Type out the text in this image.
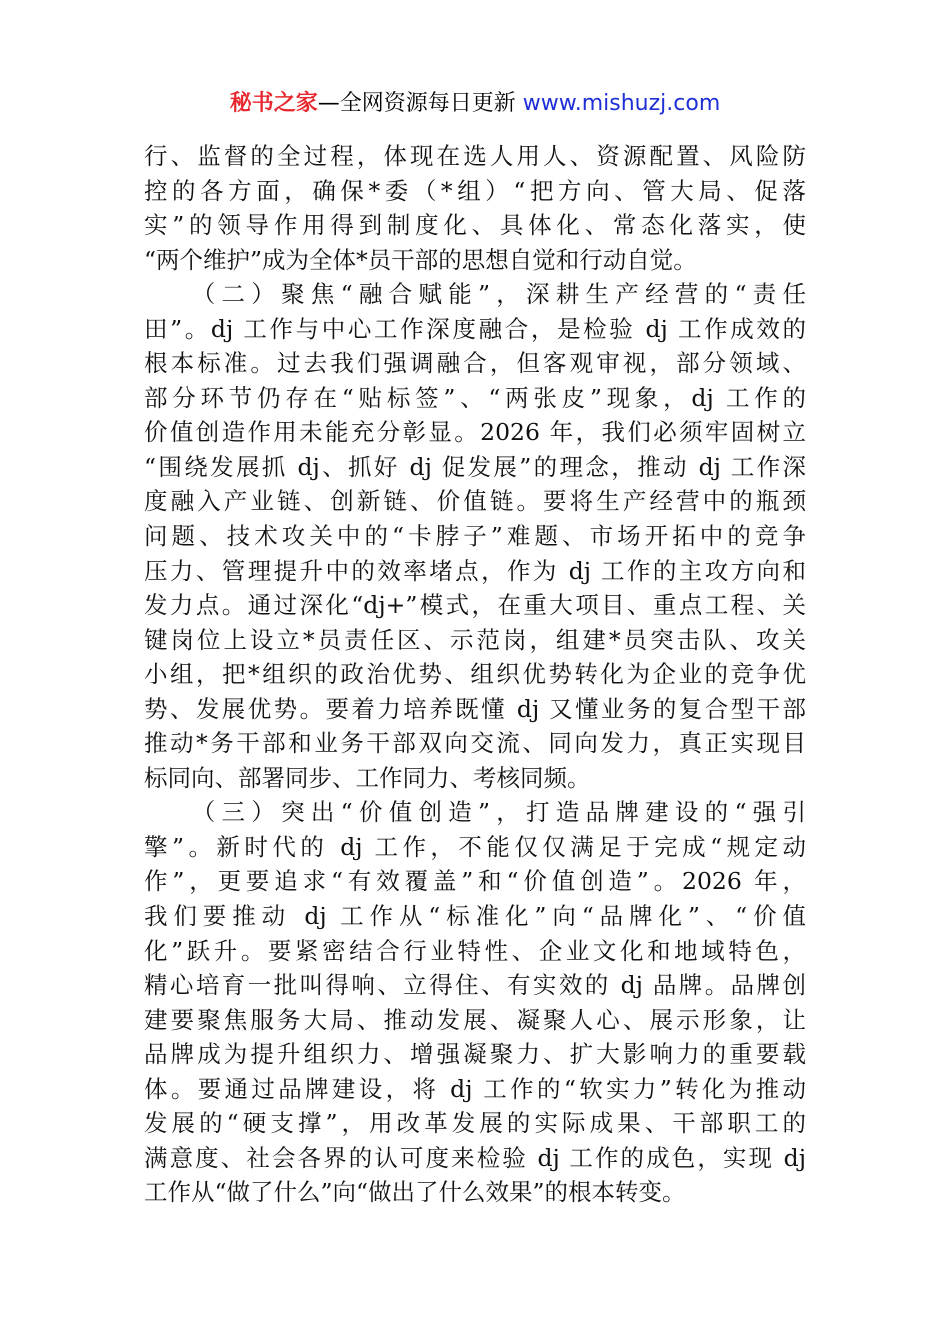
秘书之家—全网资源每日更新 www.mishuzj.com
行、监督的全过程，体现在选人用人、资源配置、风险防
控的各方面，确保*委（*组）“把方向、管大局、促落
实”的领导作用得到制度化、具体化、常态化落实，使
“两个维护”成为全体*员干部的思想自觉和行动自觉。
　　（二）聚焦“融合赋能”，深耕生产经营的“责任
田”。dj 工作与中心工作深度融合，是检验 dj 工作成效的
根本标准。过去我们强调融合，但客观审视，部分领域、
部分环节仍存在“贴标签”、“两张皮”现象，dj 工作的
价值创造作用未能充分彰显。2026 年，我们必须牢固树立
“围绕发展抓 dj、抓好 dj 促发展”的理念，推动 dj 工作深
度融入产业链、创新链、价值链。要将生产经营中的瓶颈
问题、技术攻关中的“卡脖子”难题、市场开拓中的竞争
压力、管理提升中的效率堵点，作为 dj 工作的主攻方向和
发力点。通过深化“dj+”模式，在重大项目、重点工程、关
键岗位上设立*员责任区、示范岗，组建*员突击队、攻关
小组，把*组织的政治优势、组织优势转化为企业的竞争优
势、发展优势。要着力培养既懂 dj 又懂业务的复合型干部
推动*务干部和业务干部双向交流、同向发力，真正实现目
标同向、部署同步、工作同力、考核同频。
　　（三）突出“价值创造”，打造品牌建设的“强引
擎”。新时代的 dj 工作，不能仅仅满足于完成“规定动
作”，更要追求“有效覆盖”和“价值创造”。2026 年，
我们要推动 dj 工作从“标准化”向“品牌化”、“价值
化”跃升。要紧密结合行业特性、企业文化和地域特色，
精心培育一批叫得响、立得住、有实效的 dj 品牌。品牌创
建要聚焦服务大局、推动发展、凝聚人心、展示形象，让
品牌成为提升组织力、增强凝聚力、扩大影响力的重要载
体。要通过品牌建设，将 dj 工作的“软实力”转化为推动
发展的“硬支撑”，用改革发展的实际成果、干部职工的
满意度、社会各界的认可度来检验 dj 工作的成色，实现 dj
工作从“做了什么”向“做出了什么效果”的根本转变。
